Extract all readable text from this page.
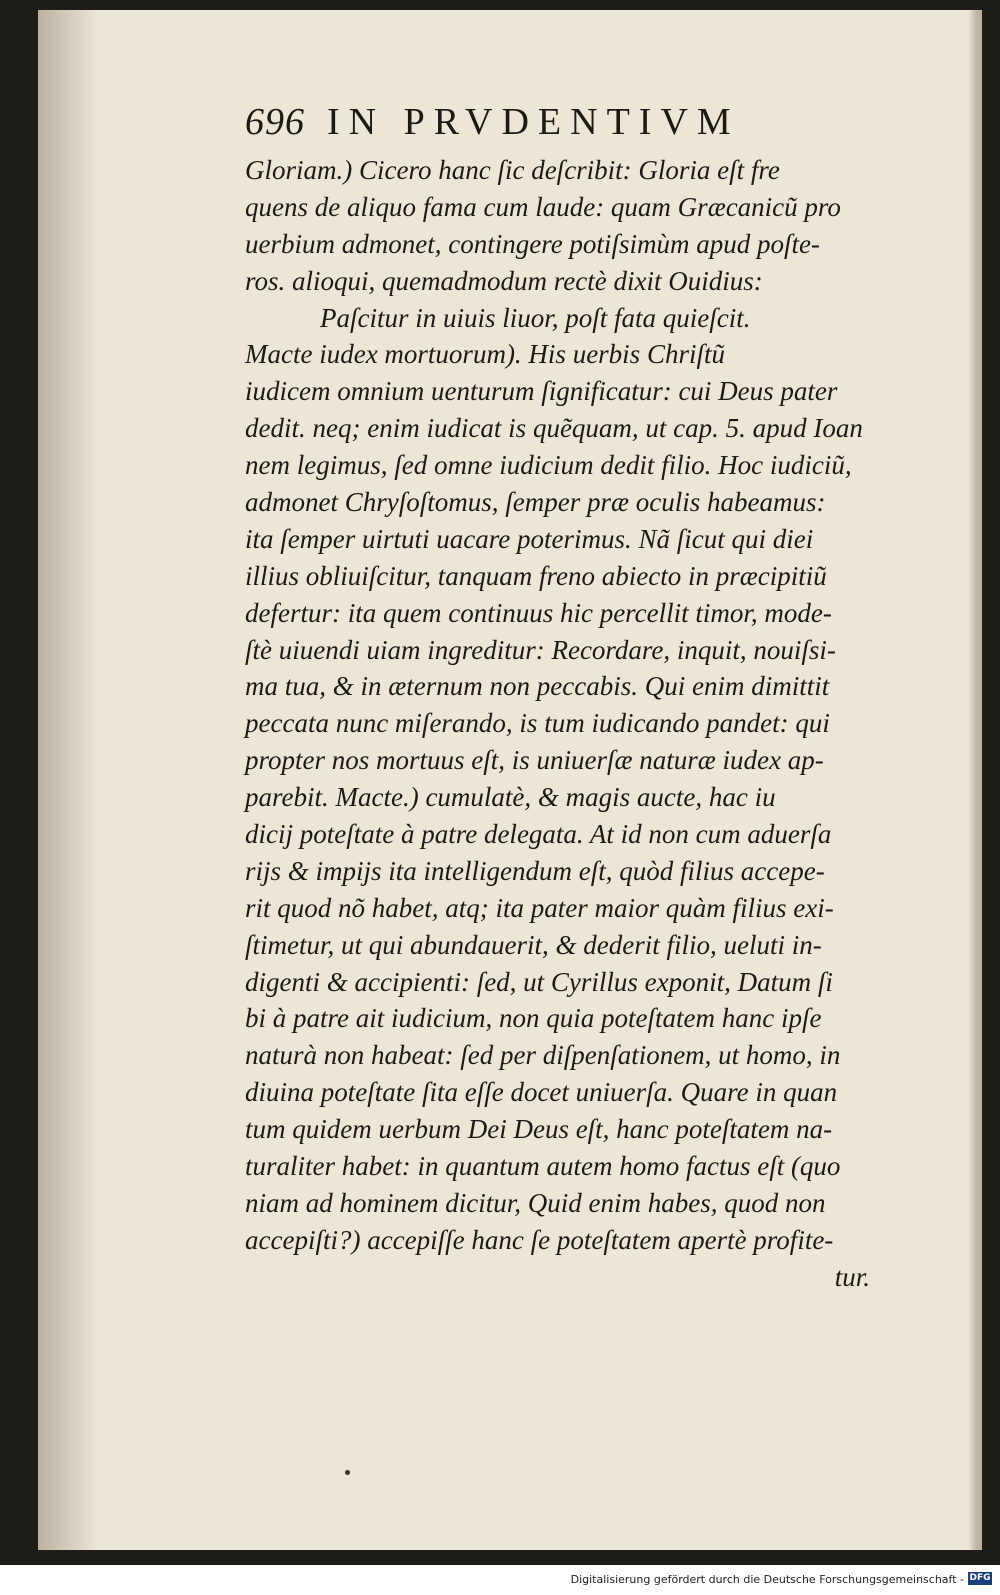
696 IN PRVDENTIVM
Gloriam.) Cicero hanc ſic deſcribit: Gloria eſt fre
quens de aliquo fama cum laude: quam Græcanicũ pro
uerbium admonet, contingere potiſsimùm apud poſte-
ros. alioqui, quemadmodum rectè dixit Ouidius:
Paſcitur in uiuis liuor, poſt fata quieſcit.
Macte iudex mortuorum). His uerbis Chriſtũ
iudicem omnium uenturum ſignificatur: cui Deus pater
dedit. neq; enim iudicat is quẽquam, ut cap. 5. apud Ioan
nem legimus, ſed omne iudicium dedit filio. Hoc iudiciũ,
admonet Chryſoſtomus, ſemper præ oculis habeamus:
ita ſemper uirtuti uacare poterimus. Nã ſicut qui diei
illius obliuiſcitur, tanquam freno abiecto in præcipitiũ
defertur: ita quem continuus hic percellit timor, mode-
ſtè uiuendi uiam ingreditur: Recordare, inquit, nouiſsi-
ma tua, & in æternum non peccabis. Qui enim dimittit
peccata nunc miſerando, is tum iudicando pandet: qui
propter nos mortuus eſt, is uniuerſæ naturæ iudex ap-
parebit. Macte.) cumulatè, & magis aucte, hac iu
dicij poteſtate à patre delegata. At id non cum aduerſa
rijs & impijs ita intelligendum eſt, quòd filius accepe-
rit quod nõ habet, atq; ita pater maior quàm filius exi-
ſtimetur, ut qui abundauerit, & dederit filio, ueluti in-
digenti & accipienti: ſed, ut Cyrillus exponit, Datum ſi
bi à patre ait iudicium, non quia poteſtatem hanc ipſe
naturà non habeat: ſed per diſpenſationem, ut homo, in
diuina poteſtate ſita eſſe docet uniuerſa. Quare in quan
tum quidem uerbum Dei Deus eſt, hanc poteſtatem na-
turaliter habet: in quantum autem homo factus eſt (quo
niam ad hominem dicitur, Quid enim habes, quod non
accepiſti?) accepiſſe hanc ſe poteſtatem apertè profite-
tur.
Digitalisierung gefördert durch die Deutsche Forschungsgemeinschaft - DFG
